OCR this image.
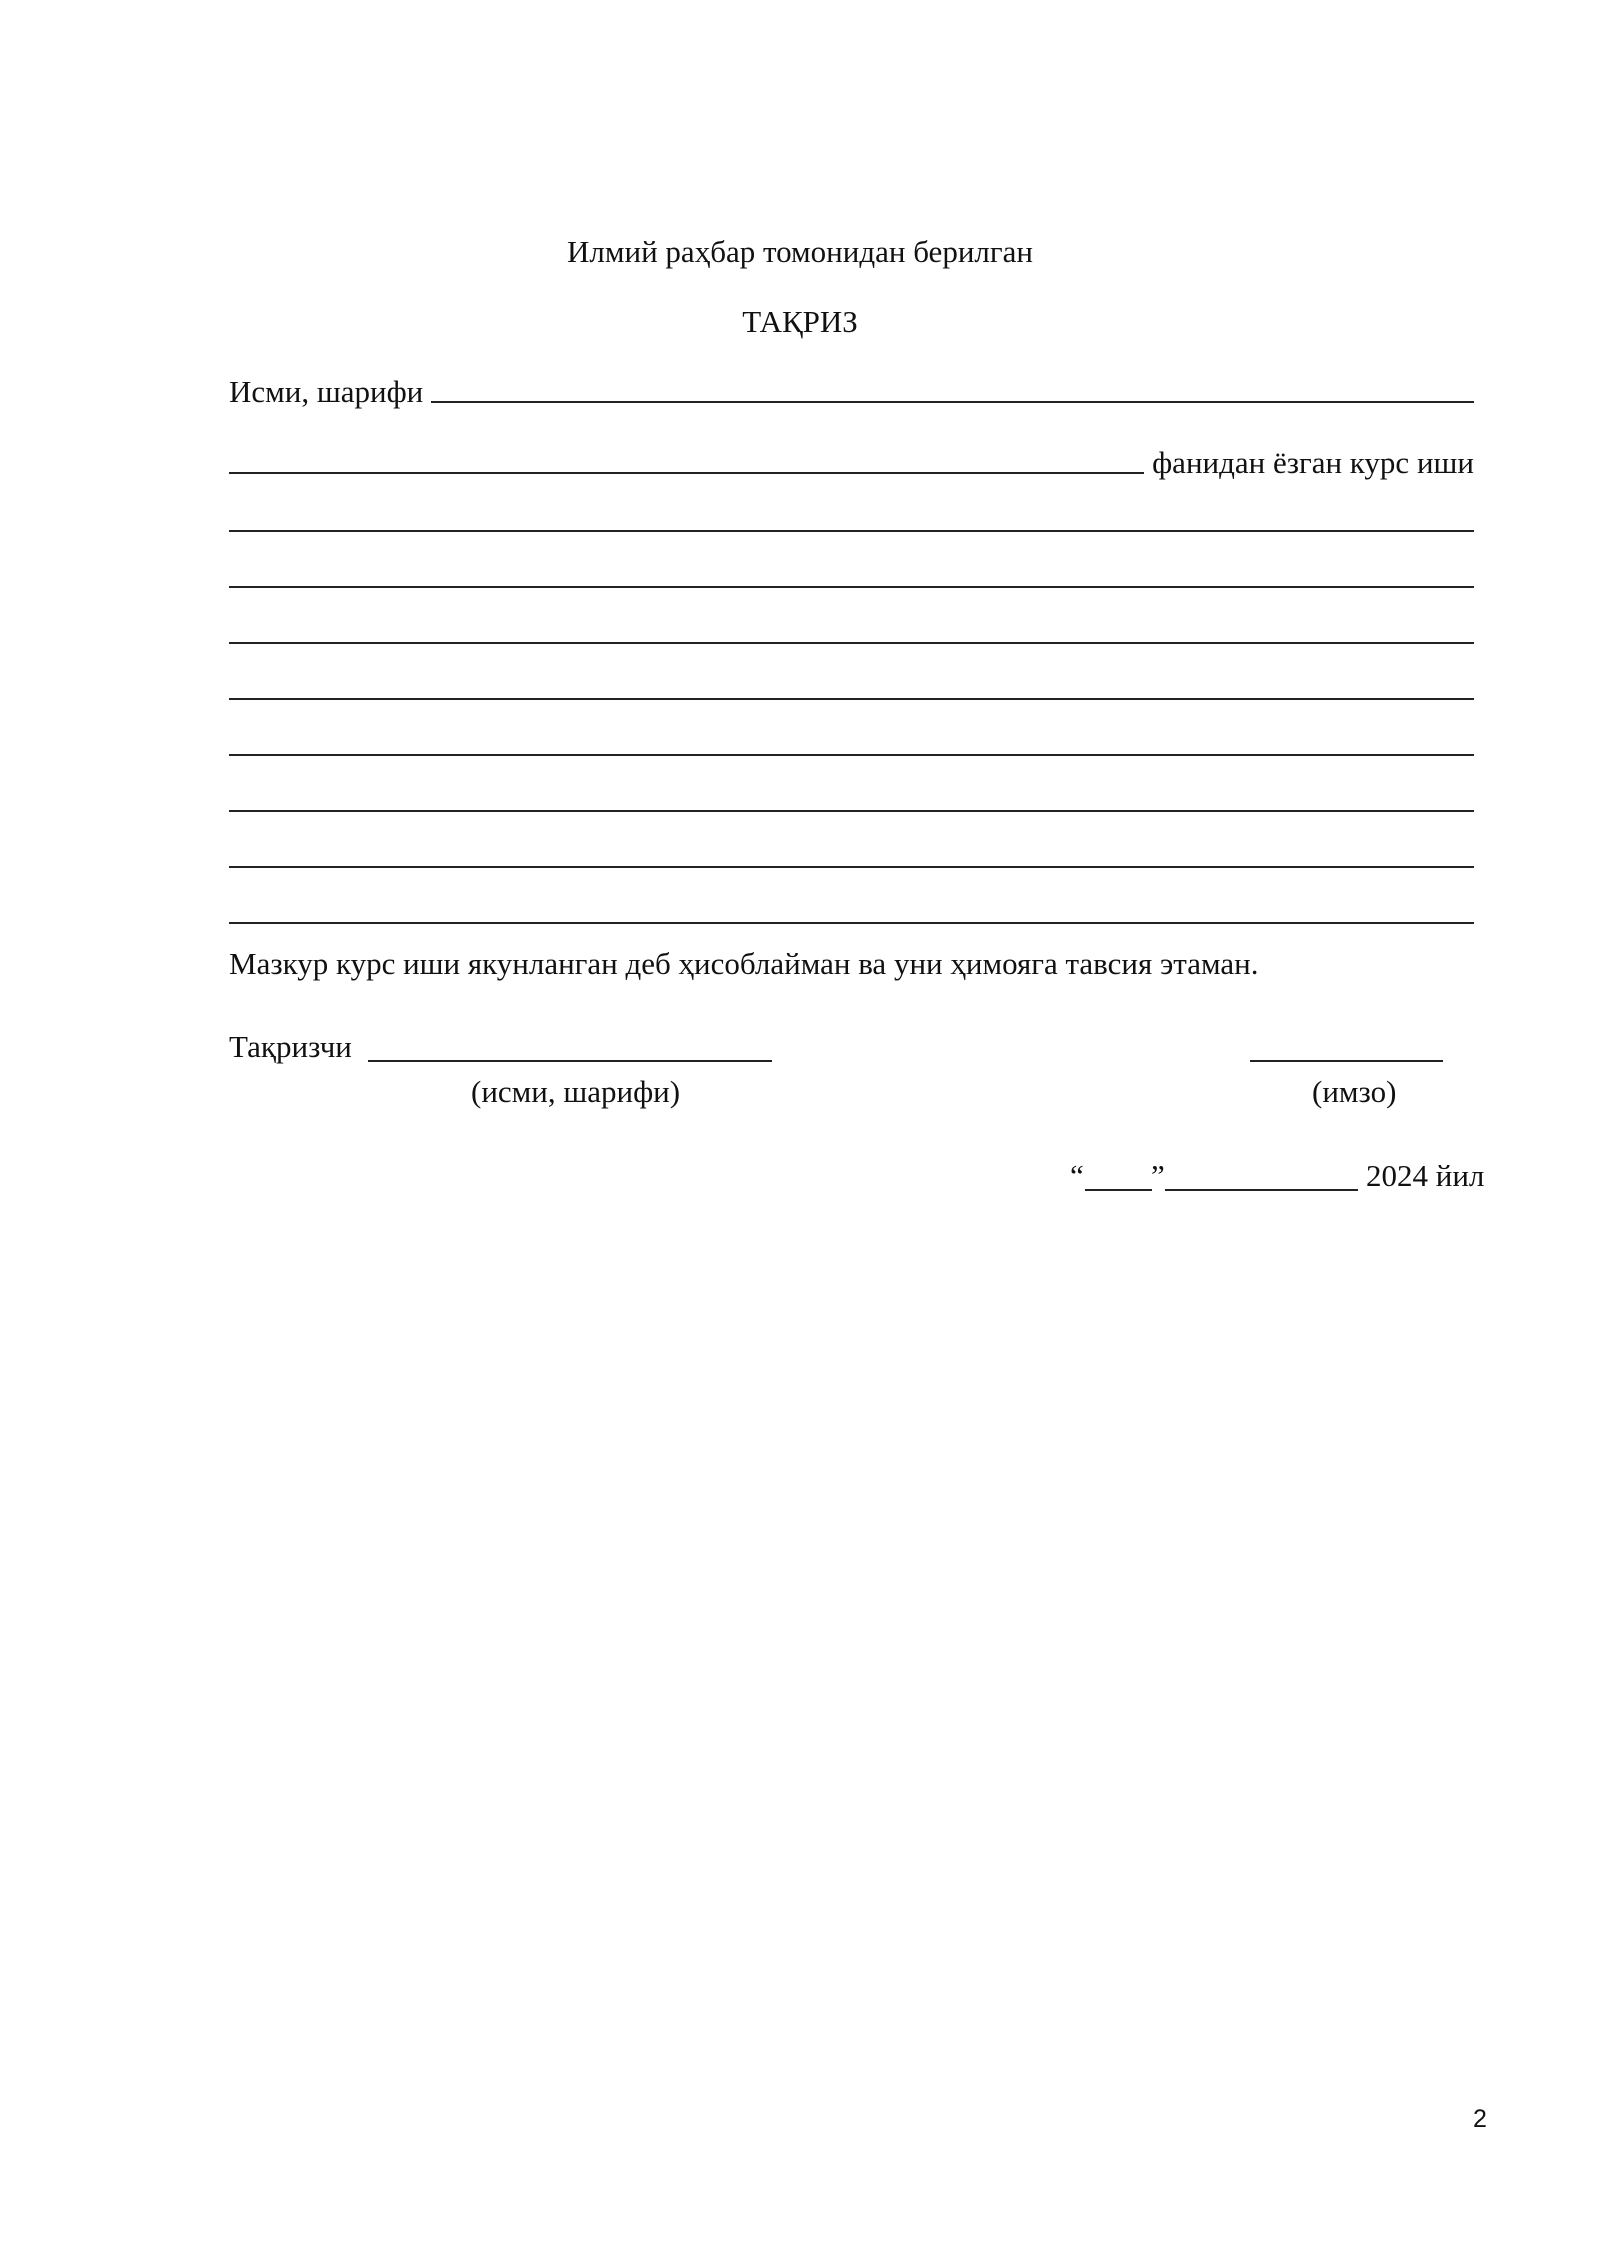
Илмий раҳбар томонидан берилган
ТАҚРИЗ
Исми, шарифи
фанидан ёзган курс иши
Мазкур курс иши якунланган деб ҳисоблайман ва уни ҳимояга тавсия этаман.
Тақризчи
(исми, шарифи)	(имзо)
“ ”	2024 йил
2
